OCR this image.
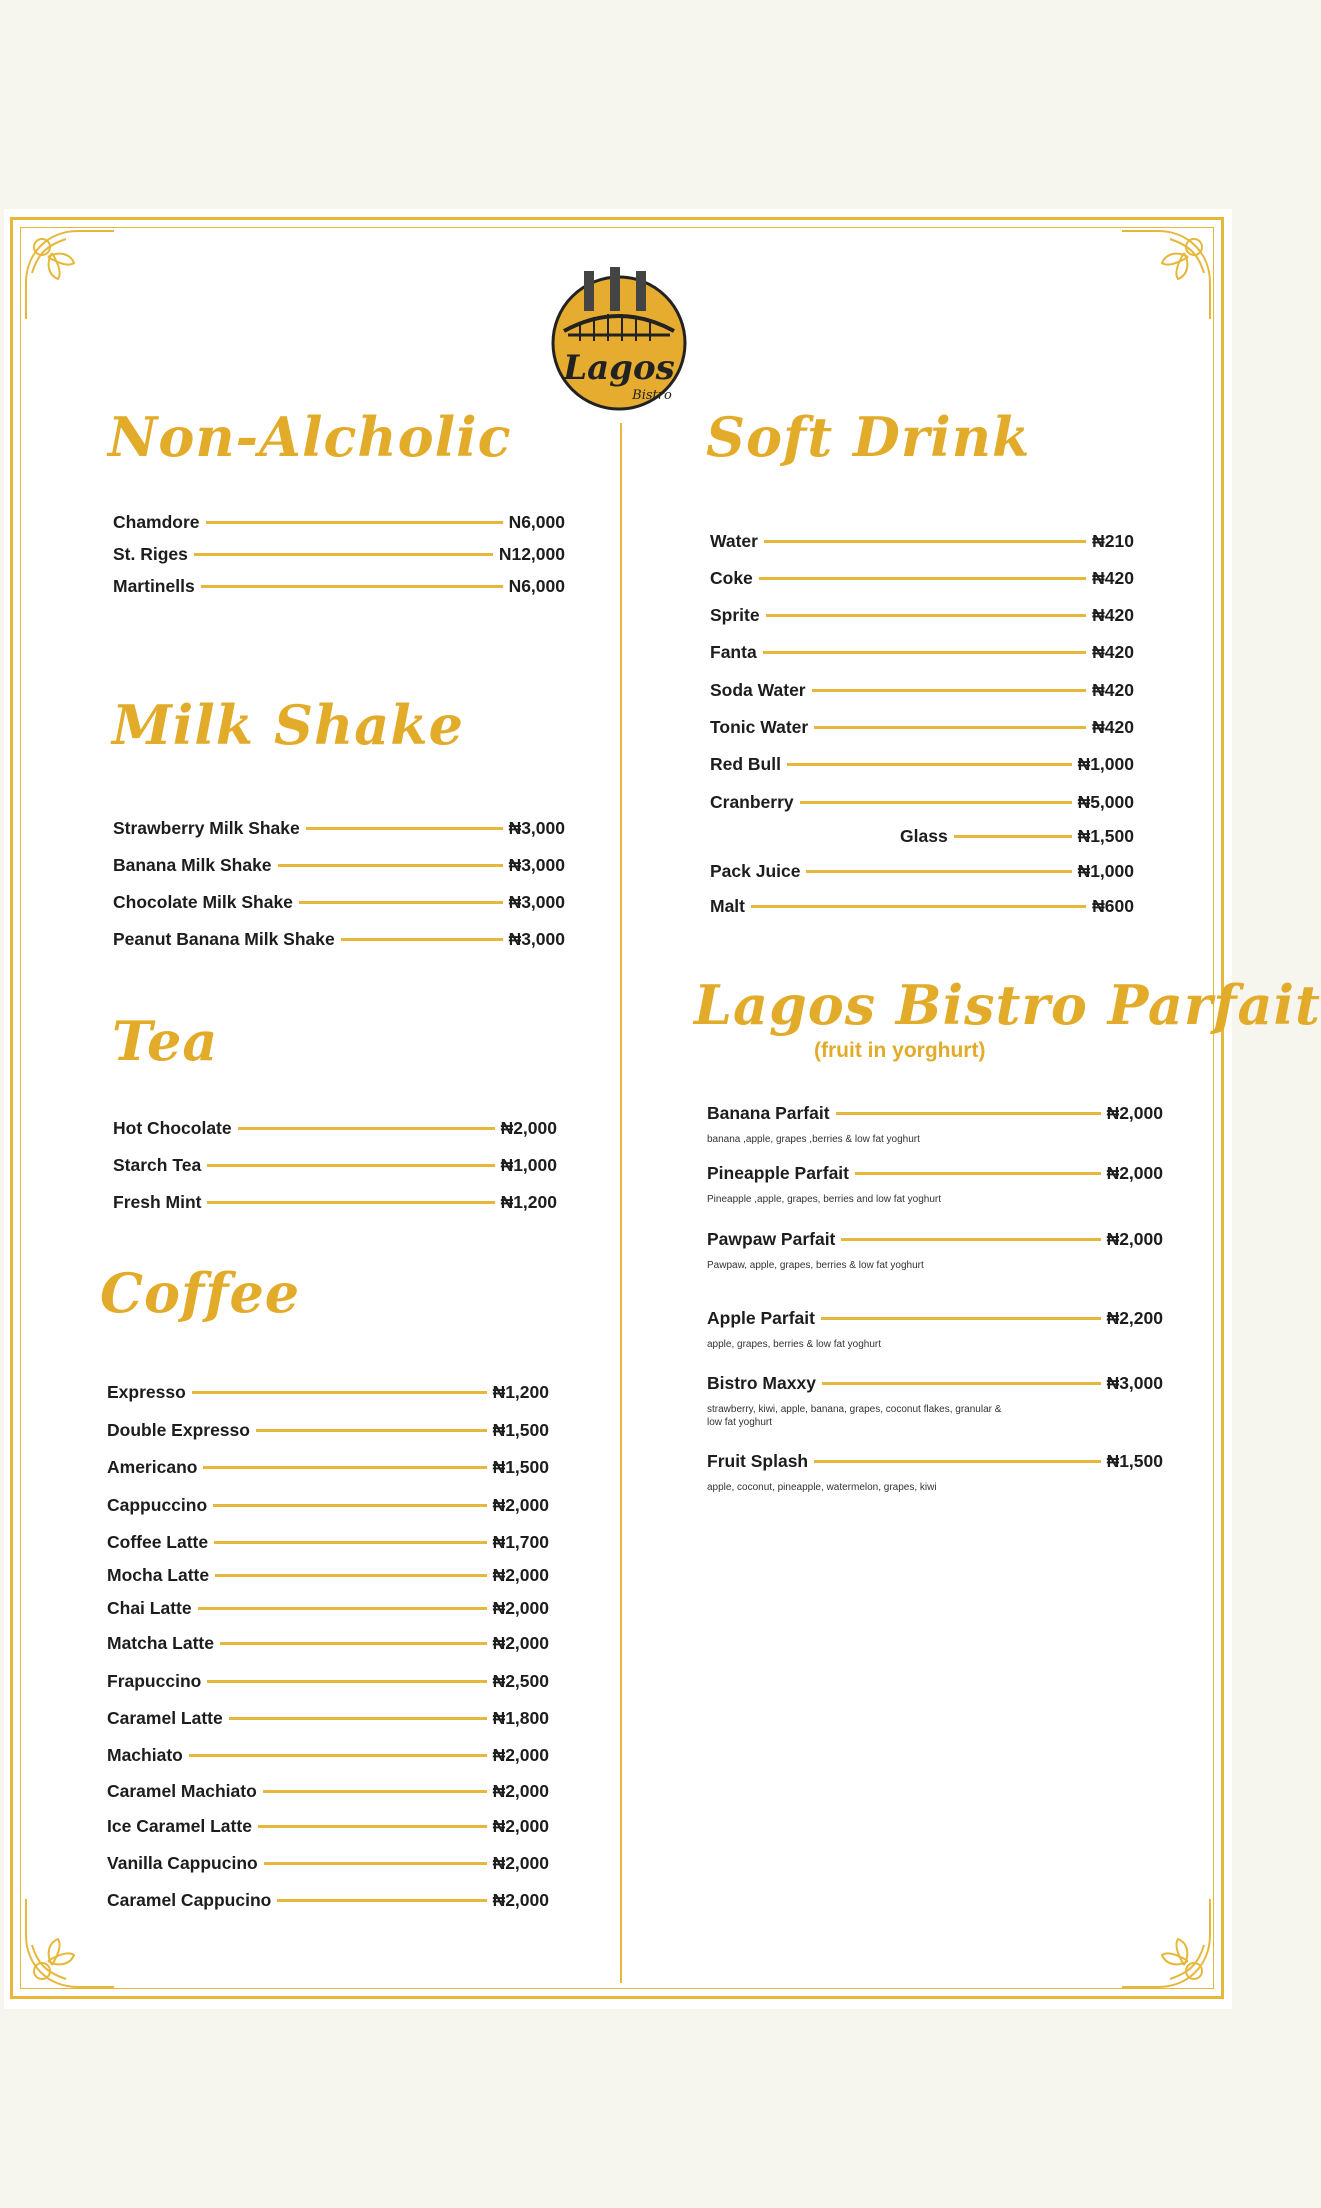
Lagos
Bistro
Non-Alcholic
Chamdore	N6,000
St. Riges	N12,000
Martinells	N6,000
Milk Shake
Strawberry Milk Shake	₦3,000
Banana Milk Shake	₦3,000
Chocolate Milk Shake	₦3,000
Peanut Banana Milk Shake	₦3,000
Tea
Hot Chocolate	₦2,000
Starch Tea	₦1,000
Fresh Mint	₦1,200
Coffee
Expresso	₦1,200
Double Expresso	₦1,500
Americano	₦1,500
Cappuccino	₦2,000
Coffee Latte	₦1,700
Mocha Latte	₦2,000
Chai Latte	₦2,000
Matcha Latte	₦2,000
Frapuccino	₦2,500
Caramel Latte	₦1,800
Machiato	₦2,000
Caramel Machiato	₦2,000
Ice Caramel Latte	₦2,000
Vanilla Cappucino	₦2,000
Caramel Cappucino	₦2,000
Soft Drink
Water	₦210
Coke	₦420
Sprite	₦420
Fanta	₦420
Soda Water	₦420
Tonic Water	₦420
Red Bull	₦1,000
Cranberry	₦5,000
Glass	₦1,500
Pack Juice	₦1,000
Malt	₦600
Lagos Bistro Parfait
(fruit in yorghurt)
Banana Parfait	₦2,000
banana ,apple, grapes ,berries & low fat yoghurt
Pineapple Parfait	₦2,000
Pineapple ,apple, grapes, berries and low fat yoghurt
Pawpaw Parfait	₦2,000
Pawpaw, apple, grapes, berries & low fat yoghurt
Apple Parfait	₦2,200
apple, grapes, berries & low fat yoghurt
Bistro Maxxy	₦3,000
strawberry, kiwi, apple, banana, grapes, coconut flakes, granular & low fat yoghurt
Fruit Splash	₦1,500
apple, coconut, pineapple, watermelon, grapes, kiwi
